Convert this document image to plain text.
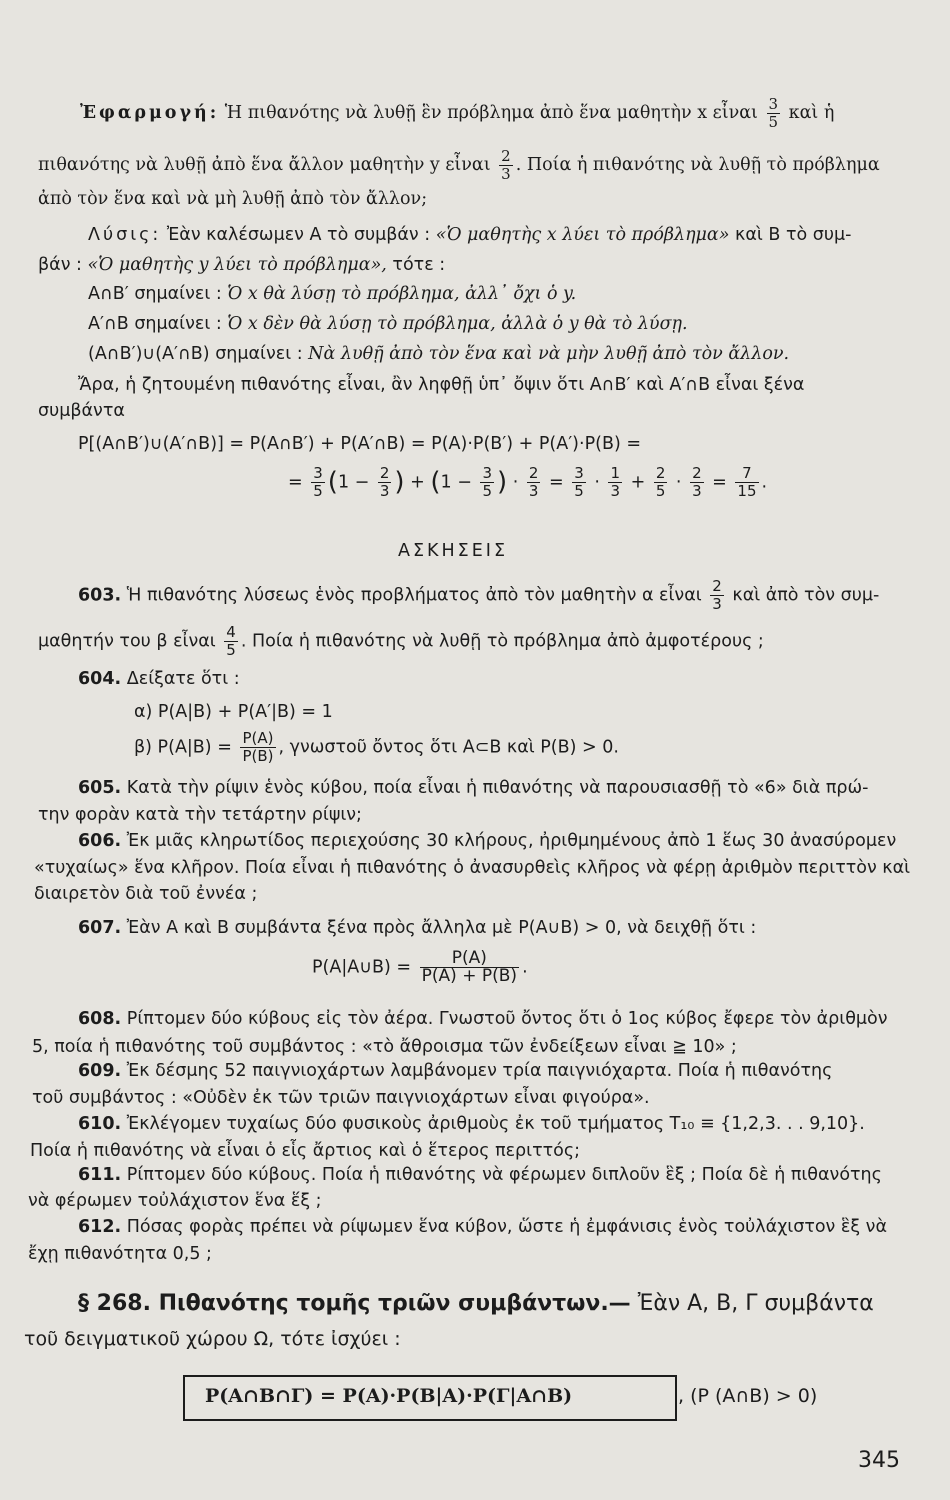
Ἐφαρμογή: Ἡ πιθανότης νὰ λυθῇ ἓν πρόβλημα ἀπὸ ἕνα μαθητὴν x εἶναι $\frac{3}{5}$ καὶ ἡ
πιθανότης νὰ λυθῇ ἀπὸ ἕνα ἄλλον μαθητὴν y εἶναι $\frac{2}{3}$ . Ποία ἡ πιθανότης νὰ λυθῇ τὸ πρόβλημα
ἀπὸ τὸν ἕνα καὶ νὰ μὴ λυθῇ ἀπὸ τὸν ἄλλον;
Λύσις: Ἐὰν καλέσωμεν A τὸ συμβάν : «Ὁ μαθητὴς x λύει τὸ πρόβλημα» καὶ B τὸ συμ-
βάν : «Ὁ μαθητὴς y λύει τὸ πρόβλημα», τότε :
A∩B′ σημαίνει : Ὁ x θὰ λύσῃ τὸ πρόβλημα, ἀλλ᾽ ὄχι ὁ y.
A′∩B σημαίνει : Ὁ x δὲν θὰ λύσῃ τὸ πρόβλημα, ἀλλὰ ὁ y θὰ τὸ λύσῃ.
(A∩B′)∪(A′∩B) σημαίνει : Νὰ λυθῇ ἀπὸ τὸν ἕνα καὶ νὰ μὴν λυθῇ ἀπὸ τὸν ἄλλον.
Ἄρα, ἡ ζητουμένη πιθανότης εἶναι, ἂν ληφθῇ ὑπ᾽ ὄψιν ὅτι A∩B′ καὶ A′∩B εἶναι ξένα
συμβάντα
P[(A∩B′)∪(A′∩B)] = P(A∩B′) + P(A′∩B) = P(A)·P(B′) + P(A′)·P(B) =
= $\frac{3}{5} (1 - \frac{2}{3}$ ) + ($1 - \frac{3}{5}$ ) · $\frac{2}{3} = \frac{3}{5} \cdot \frac{1}{3} + \frac{2}{5} \cdot \frac{2}{3} = \frac{7}{15}$ .
ΑΣΚΗΣΕΙΣ
603. Ἡ πιθανότης λύσεως ἑνὸς προβλήματος ἀπὸ τὸν μαθητὴν α εἶναι $\frac{2}{3}$ καὶ ἀπὸ τὸν συμ-
μαθητήν του β εἶναι $\frac{4}{5}$ . Ποία ἡ πιθανότης νὰ λυθῇ τὸ πρόβλημα ἀπὸ ἀμφοτέρους ;
604. Δείξατε ὅτι :
α) P(A|B) + P(A′|B) = 1
β) $P(A|B) = \frac{P(A)}{P(B)}$ , γνωστοῦ ὄντος ὅτι A⊂B καὶ P(B) > 0.
605. Κατὰ τὴν ρίψιν ἑνὸς κύβου, ποία εἶναι ἡ πιθανότης νὰ παρουσιασθῇ τὸ «6» διὰ πρώ-
την φορὰν κατὰ τὴν τετάρτην ρίψιν;
606. Ἐκ μιᾶς κληρωτίδος περιεχούσης 30 κλήρους, ἠριθμημένους ἀπὸ 1 ἕως 30 ἀνασύρομεν
«τυχαίως» ἕνα κλῆρον. Ποία εἶναι ἡ πιθανότης ὁ ἀνασυρθεὶς κλῆρος νὰ φέρῃ ἀριθμὸν περιττὸν καὶ
διαιρετὸν διὰ τοῦ ἐννέα ;
607. Ἐὰν A καὶ B συμβάντα ξένα πρὸς ἄλληλα μὲ P(A∪B) > 0, νὰ δειχθῇ ὅτι :
P(A|A∪B) = $\frac{P(A)}{P(A) + P(B)}$ .
608. Ρίπτομεν δύο κύβους εἰς τὸν ἀέρα. Γνωστοῦ ὄντος ὅτι ὁ 1ος κύβος ἔφερε τὸν ἀριθμὸν
5, ποία ἡ πιθανότης τοῦ συμβάντος : «τὸ ἄθροισμα τῶν ἐνδείξεων εἶναι ≧ 10» ;
609. Ἐκ δέσμης 52 παιγνιοχάρτων λαμβάνομεν τρία παιγνιόχαρτα. Ποία ἡ πιθανότης
τοῦ συμβάντος : «Οὐδὲν ἐκ τῶν τριῶν παιγνιοχάρτων εἶναι φιγούρα».
610. Ἐκλέγομεν τυχαίως δύο φυσικοὺς ἀριθμοὺς ἐκ τοῦ τμήματος T₁₀ ≡ {1,2,3. . . 9,10}.
Ποία ἡ πιθανότης νὰ εἶναι ὁ εἷς ἄρτιος καὶ ὁ ἕτερος περιττός;
611. Ρίπτομεν δύο κύβους. Ποία ἡ πιθανότης νὰ φέρωμεν διπλοῦν ἓξ ; Ποία δὲ ἡ πιθανότης
νὰ φέρωμεν τοὐλάχιστον ἕνα ἕξ ;
612. Πόσας φορὰς πρέπει νὰ ρίψωμεν ἕνα κύβον, ὥστε ἡ ἐμφάνισις ἑνὸς τοὐλάχιστον ἓξ νὰ
ἔχῃ πιθανότητα 0,5 ;
§ 268. Πιθανότης τομῆς τριῶν συμβάντων.— Ἐὰν A, B, Γ συμβάντα
τοῦ δειγματικοῦ χώρου Ω, τότε ἰσχύει :
P(A∩B∩Γ) = P(A)·P(B|A)·P(Γ|A∩B)	, (P (A∩B) > 0)
345
